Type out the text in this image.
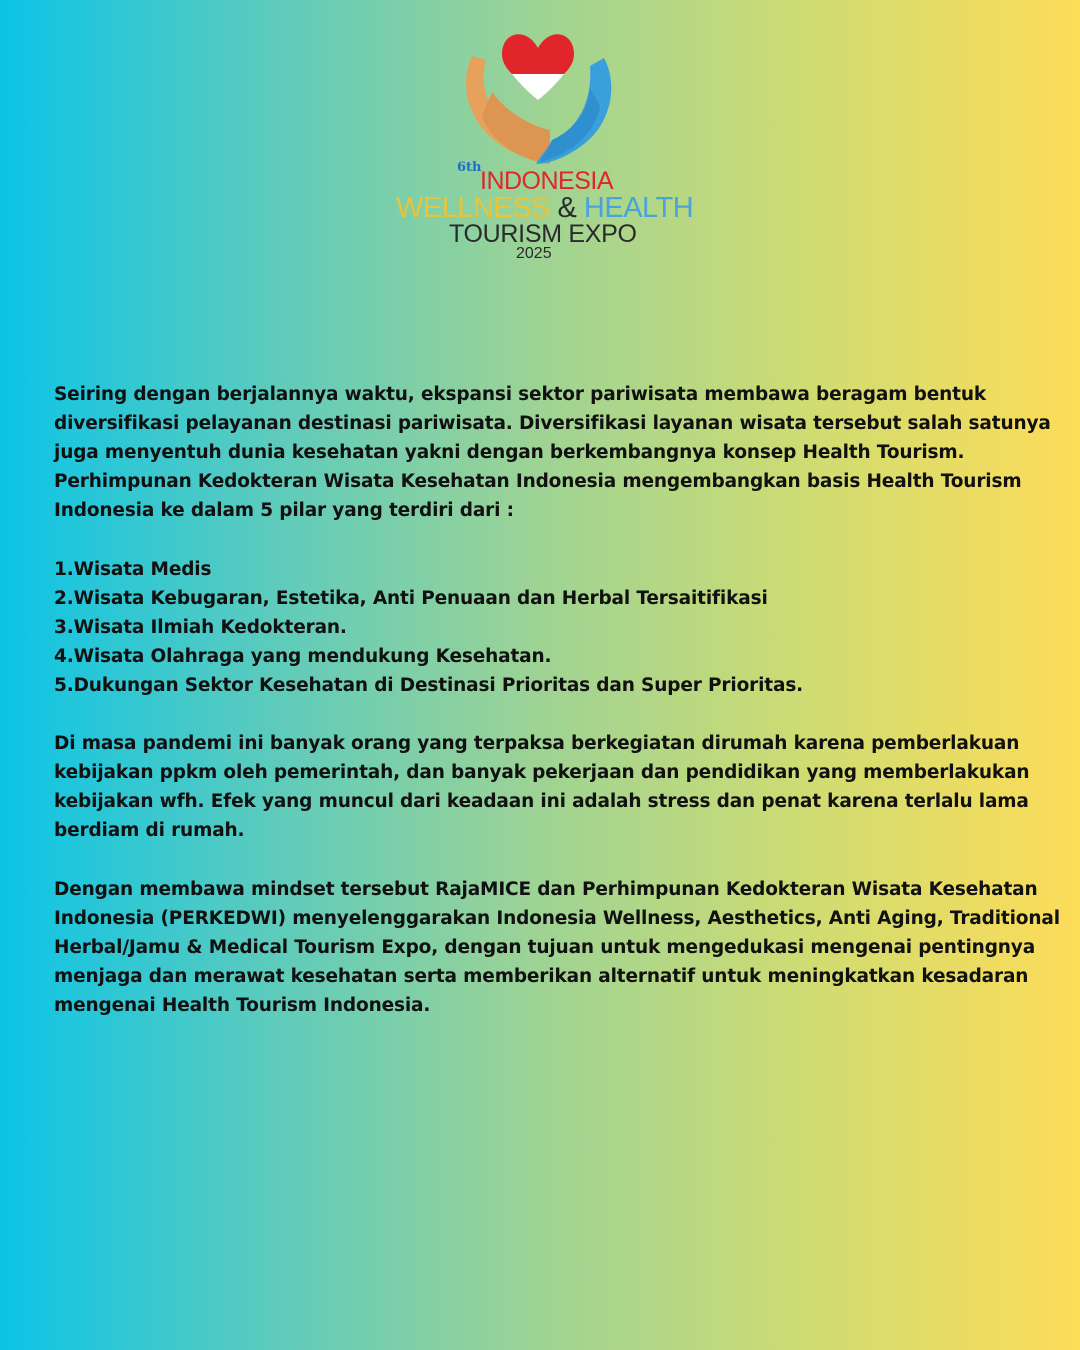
6th
INDONESIA
WELLNESS & HEALTH
TOURISM EXPO
2025

Seiring dengan berjalannya waktu, ekspansi sektor pariwisata membawa beragam bentuk diversifikasi pelayanan destinasi pariwisata. Diversifikasi layanan wisata tersebut salah satunya juga menyentuh dunia kesehatan yakni dengan berkembangnya konsep Health Tourism. Perhimpunan Kedokteran Wisata Kesehatan Indonesia mengembangkan basis Health Tourism Indonesia ke dalam 5 pilar yang terdiri dari :

1.Wisata Medis

2.Wisata Kebugaran, Estetika, Anti Penuaan dan Herbal Tersaitifikasi

3.Wisata Ilmiah Kedokteran.

4.Wisata Olahraga yang mendukung Kesehatan.

5.Dukungan Sektor Kesehatan di Destinasi Prioritas dan Super Prioritas.

Di masa pandemi ini banyak orang yang terpaksa berkegiatan dirumah karena pemberlakuan kebijakan ppkm oleh pemerintah, dan banyak pekerjaan dan pendidikan yang memberlakukan kebijakan wfh. Efek yang muncul dari keadaan ini adalah stress dan penat karena terlalu lama berdiam di rumah.

Dengan membawa mindset tersebut RajaMICE dan Perhimpunan Kedokteran Wisata Kesehatan Indonesia (PERKEDWI) menyelenggarakan Indonesia Wellness, Aesthetics, Anti Aging, Traditional Herbal/Jamu & Medical Tourism Expo, dengan tujuan untuk mengedukasi mengenai pentingnya menjaga dan merawat kesehatan serta memberikan alternatif untuk meningkatkan kesadaran mengenai Health Tourism Indonesia.
